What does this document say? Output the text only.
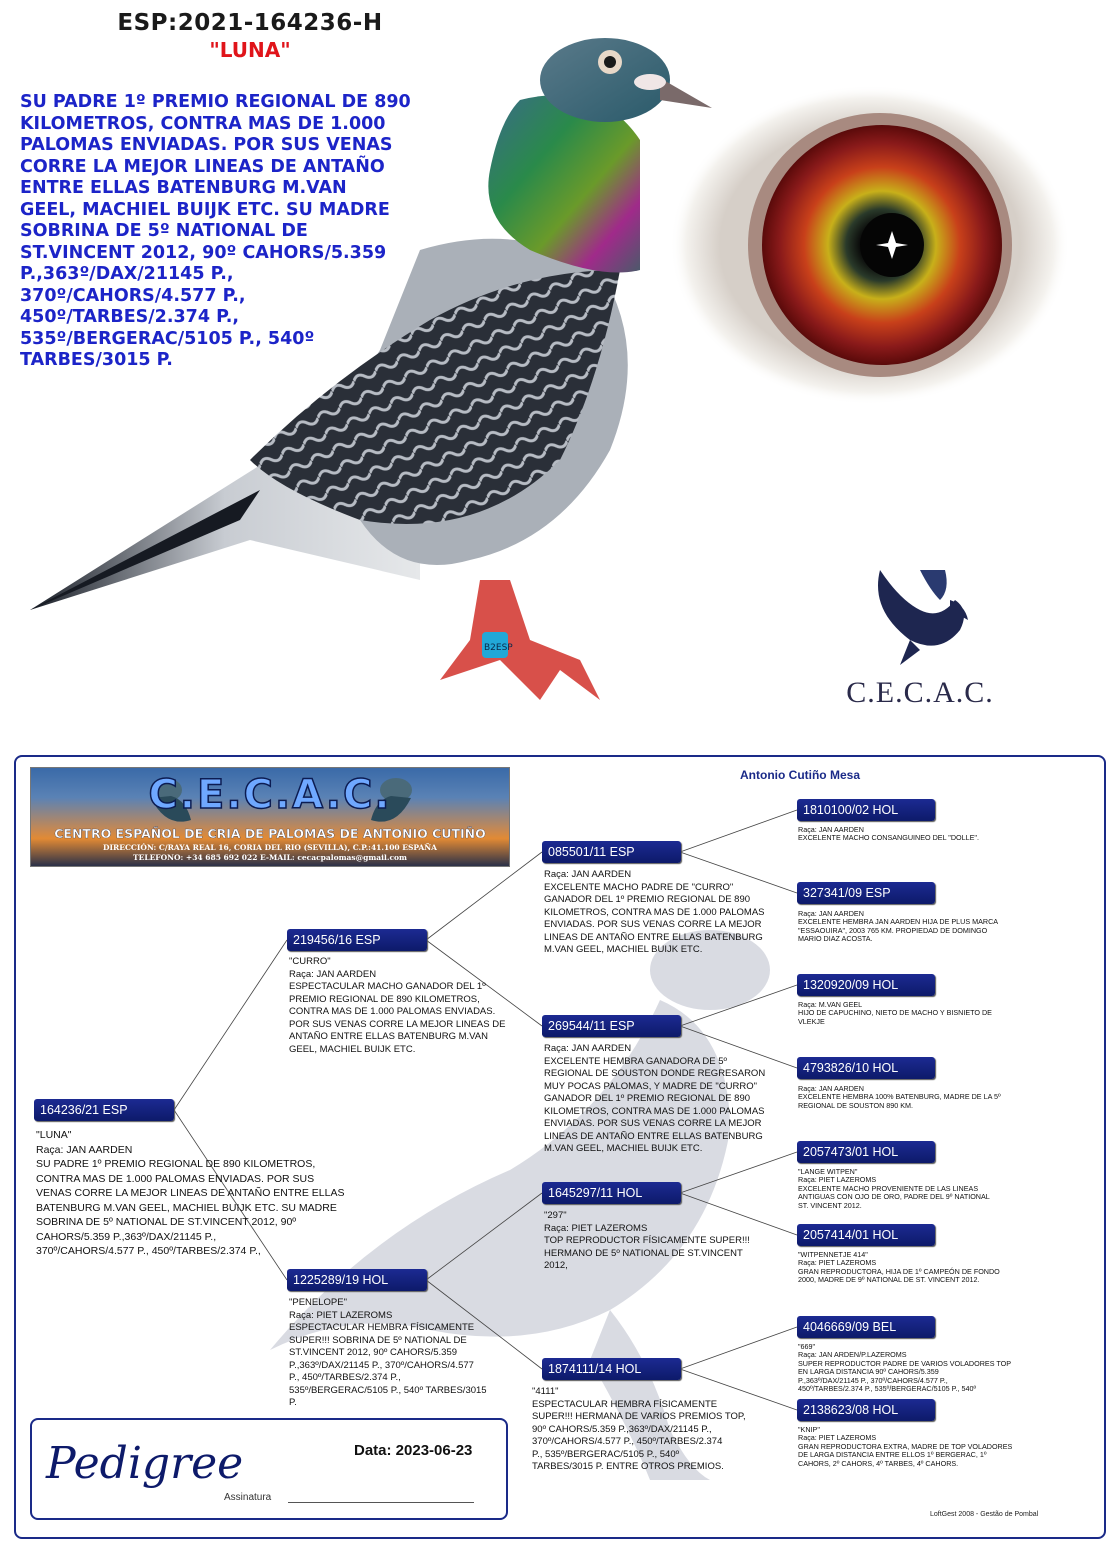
ESP:2021-164236-H
"LUNA"
B2ESP
SU PADRE 1º PREMIO REGIONAL DE 890
KILOMETROS, CONTRA MAS DE 1.000
PALOMAS ENVIADAS. POR SUS VENAS
CORRE LA MEJOR LINEAS DE ANTAÑO
ENTRE ELLAS BATENBURG M.VAN
GEEL, MACHIEL BUIJK ETC. SU MADRE
SOBRINA DE 5º NATIONAL DE
ST.VINCENT 2012, 90º CAHORS/5.359
P.,363º/DAX/21145 P.,
370º/CAHORS/4.577 P.,
450º/TARBES/2.374 P.,
535º/BERGERAC/5105 P., 540º
TARBES/3015 P.
C.E.C.A.C.
C.E.C.A.C.
CENTRO ESPAÑOL DE CRIA DE PALOMAS DE ANTONIO CUTIÑO
DIRECCIÓN: C/RAYA REAL 16, CORIA DEL RIO (SEVILLA), C.P.:41.100 ESPAÑA
TELEFONO: +34 685 692 022 E-MAIL: cecacpalomas@gmail.com
Antonio Cutiño Mesa
164236/21 ESP
"LUNA"
Raça: JAN AARDEN
SU PADRE 1º PREMIO REGIONAL DE 890 KILOMETROS,
CONTRA MAS DE 1.000 PALOMAS ENVIADAS. POR SUS
VENAS CORRE LA MEJOR LINEAS DE ANTAÑO ENTRE ELLAS
BATENBURG M.VAN GEEL, MACHIEL BUIJK ETC. SU MADRE
SOBRINA DE 5º NATIONAL DE ST.VINCENT 2012, 90º
CAHORS/5.359 P.,363º/DAX/21145 P.,
370º/CAHORS/4.577 P., 450º/TARBES/2.374 P.,
219456/16 ESP
"CURRO"
Raça: JAN AARDEN
ESPECTACULAR MACHO GANADOR DEL 1º
PREMIO REGIONAL DE 890 KILOMETROS,
CONTRA MAS DE 1.000 PALOMAS ENVIADAS.
POR SUS VENAS CORRE LA MEJOR LINEAS DE
ANTAÑO ENTRE ELLAS BATENBURG M.VAN
GEEL, MACHIEL BUIJK ETC.
1225289/19 HOL
"PENELOPE"
Raça: PIET LAZEROMS
ESPECTACULAR HEMBRA FÍSICAMENTE
SUPER!!! SOBRINA DE 5º NATIONAL DE
ST.VINCENT 2012, 90º CAHORS/5.359
P.,363º/DAX/21145 P., 370º/CAHORS/4.577
P., 450º/TARBES/2.374 P.,
535º/BERGERAC/5105 P., 540º TARBES/3015
P.
085501/11 ESP
Raça: JAN AARDEN
EXCELENTE MACHO PADRE DE "CURRO"
GANADOR DEL 1º PREMIO REGIONAL DE 890
KILOMETROS, CONTRA MAS DE 1.000 PALOMAS
ENVIADAS. POR SUS VENAS CORRE LA MEJOR
LINEAS DE ANTAÑO ENTRE ELLAS BATENBURG
M.VAN GEEL, MACHIEL BUIJK ETC.
269544/11 ESP
Raça: JAN AARDEN
EXCELENTE HEMBRA GANADORA DE 5º
REGIONAL DE SOUSTON DONDE REGRESARON
MUY POCAS PALOMAS, Y MADRE DE "CURRO"
GANADOR DEL 1º PREMIO REGIONAL DE 890
KILOMETROS, CONTRA MAS DE 1.000 PALOMAS
ENVIADAS. POR SUS VENAS CORRE LA MEJOR
LINEAS DE ANTAÑO ENTRE ELLAS BATENBURG
M.VAN GEEL, MACHIEL BUIJK ETC.
1645297/11 HOL
"297"
Raça: PIET LAZEROMS
TOP REPRODUCTOR FÍSICAMENTE SUPER!!!
HERMANO DE 5º NATIONAL DE ST.VINCENT
2012,
1874111/14 HOL
"4111"
ESPECTACULAR HEMBRA FÍSICAMENTE
SUPER!!! HERMANA DE VARIOS PREMIOS TOP,
90º CAHORS/5.359 P.,363º/DAX/21145 P.,
370º/CAHORS/4.577 P., 450º/TARBES/2.374
P., 535º/BERGERAC/5105 P., 540º
TARBES/3015 P. ENTRE OTROS PREMIOS.
1810100/02 HOL
Raça: JAN AARDEN
EXCELENTE MACHO CONSANGUINEO DEL "DOLLE".
327341/09 ESP
Raça: JAN AARDEN
EXCELENTE HEMBRA JAN AARDEN HIJA DE PLUS MARCA
"ESSAOUIRA", 2003 765 KM. PROPIEDAD DE DOMINGO
MARIO DIAZ ACOSTA.
1320920/09 HOL
Raça: M.VAN GEEL
HIJO DE CAPUCHINO, NIETO DE MACHO Y BISNIETO DE
VLEKJE
4793826/10 HOL
Raça: JAN AARDEN
EXCELENTE HEMBRA 100% BATENBURG, MADRE DE LA 5º
REGIONAL DE SOUSTON 890 KM.
2057473/01 HOL
"LANGE WITPEN"
Raça: PIET LAZEROMS
EXCELENTE MACHO PROVENIENTE DE LAS LINEAS
ANTIGUAS CON OJO DE ORO, PADRE DEL 9º NATIONAL
ST. VINCENT 2012.
2057414/01 HOL
"WITPENNETJE 414"
Raça: PIET LAZEROMS
GRAN REPRODUCTORA, HIJA DE 1º CAMPEÓN DE FONDO
2000, MADRE DE 9º NATIONAL DE ST. VINCENT 2012.
4046669/09 BEL
"669"
Raça: JAN ARDEN/P.LAZEROMS
SUPER REPRODUCTOR PADRE DE VARIOS VOLADORES TOP
EN LARGA DISTANCIA 90º CAHORS/5.359
P.,363º/DAX/21145 P., 370º/CAHORS/4.577 P.,
450º/TARBES/2.374 P., 535º/BERGERAC/5105 P., 540º
2138623/08 HOL
"KNIP"
Raça: PIET LAZEROMS
GRAN REPRODUCTORA EXTRA, MADRE DE TOP VOLADORES
DE LARGA DISTANCIA ENTRE ELLOS 1º BERGERAC, 1º
CAHORS, 2º CAHORS, 4º TARBES, 4º CAHORS.
Pedigree	Data: 2023-06-23
Assinatura
LoftGest 2008 - Gestão de Pombal
